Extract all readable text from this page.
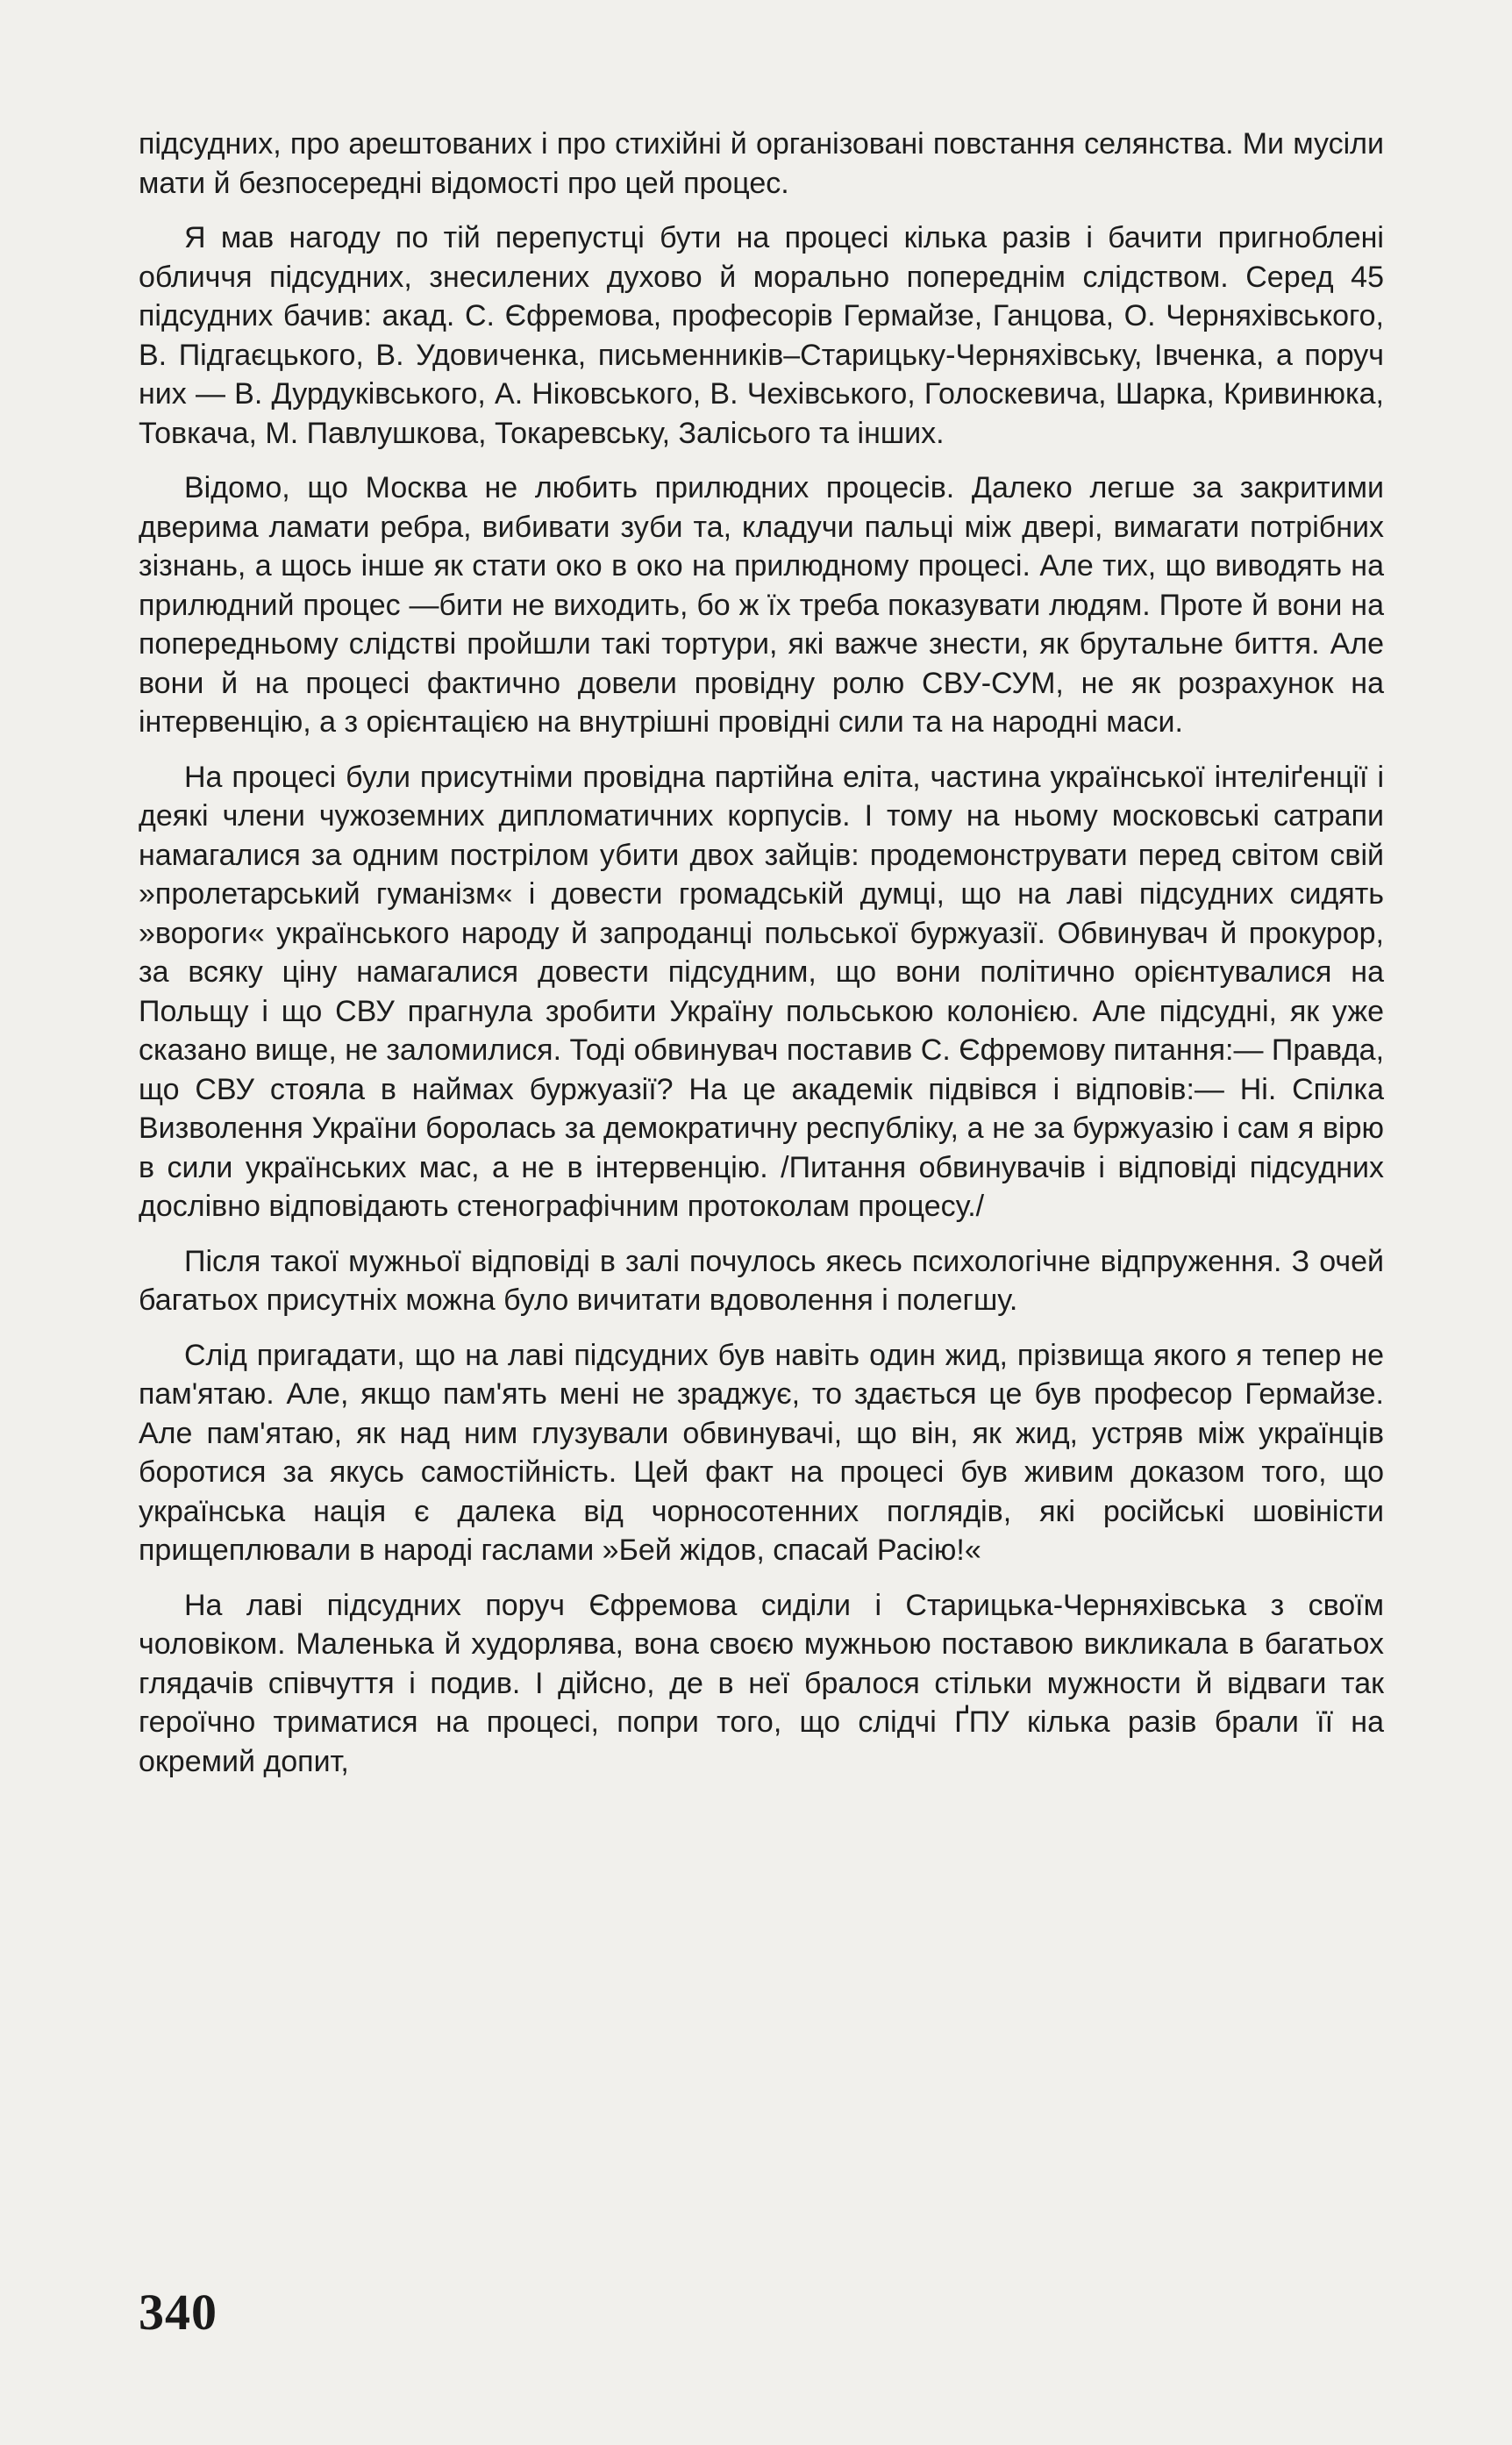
підсудних, про арештованих і про стихійні й організовані повстання селянства. Ми мусіли мати й безпосередні відомості про цей процес.

Я мав нагоду по тій перепустці бути на процесі кілька разів і бачити пригноблені обличчя підсудних, знесилених духово й морально попереднім слідством. Серед 45 підсудних бачив: акад. С. Єфремова, професорів Гермайзе, Ганцова, О. Черняхівського, В. Підгаєцького, В. Удовиченка, письменників–Старицьку-Черняхівську, Івченка, а поруч них — В. Дурдуківського, А. Ніковського, В. Чехівського, Голоскевича, Шарка, Кривинюка, Товкача, М. Павлушкова, Токаревську, Залісього та інших.

Відомо, що Москва не любить прилюдних процесів. Далеко легше за закритими дверима ламати ребра, вибивати зуби та, кладучи пальці між двері, вимагати потрібних зізнань, а щось інше як стати око в око на прилюдному процесі. Але тих, що виводять на прилюдний процес —бити не виходить, бо ж їх треба показувати людям. Проте й вони на попередньому слідстві пройшли такі тортури, які важче знести, як брутальне биття. Але вони й на процесі фактично довели провідну ролю СВУ-СУМ, не як розрахунок на інтервенцію, а з орієнтацією на внутрішні провідні сили та на народні маси.

На процесі були присутніми провідна партійна еліта, частина української інтеліґенції і деякі члени чужоземних дипломатичних корпусів. І тому на ньому московські сатрапи намагалися за одним пострілом убити двох зайців: продемонструвати перед світом свій »пролетарський гуманізм« і довести громадській думці, що на лаві підсудних сидять »вороги« українського народу й запроданці польської буржуазії. Обвинувач й прокурор, за всяку ціну намагалися довести підсудним, що вони політично орієнтувалися на Польщу і що СВУ прагнула зробити Україну польською колонією. Але підсудні, як уже сказано вище, не заломилися. Тоді обвинувач поставив С. Єфремову питання:— Правда, що СВУ стояла в наймах буржуазії? На це академік підвівся і відповів:— Ні. Спілка Визволення України боролась за демократичну республіку, а не за буржуазію і сам я вірю в сили українських мас, а не в інтервенцію. /Питання обвинувачів і відповіді підсудних дослівно відповідають стенографічним протоколам процесу./

Після такої мужньої відповіді в залі почулось якесь психологічне відпруження. З очей багатьох присутніх можна було вичитати вдоволення і полегшу.

Слід пригадати, що на лаві підсудних був навіть один жид, прізвища якого я тепер не пам'ятаю. Але, якщо пам'ять мені не зраджує, то здається це був професор Гермайзе. Але пам'ятаю, як над ним глузували обвинувачі, що він, як жид, устряв між українців боротися за якусь самостійність. Цей факт на процесі був живим доказом того, що українська нація є далека від чорносотенних поглядів, які російські шовіністи прищеплювали в народі гаслами »Бей жідов, спасай Расію!«

На лаві підсудних поруч Єфремова сиділи і Старицька-Черняхівська з своїм чоловіком. Маленька й худорлява, вона своєю мужньою поставою викликала в багатьох глядачів співчуття і подив. І дійсно, де в неї бралося стільки мужности й відваги так героїчно триматися на процесі, попри того, що слідчі ҐПУ кілька разів брали її на окремий допит,

340
